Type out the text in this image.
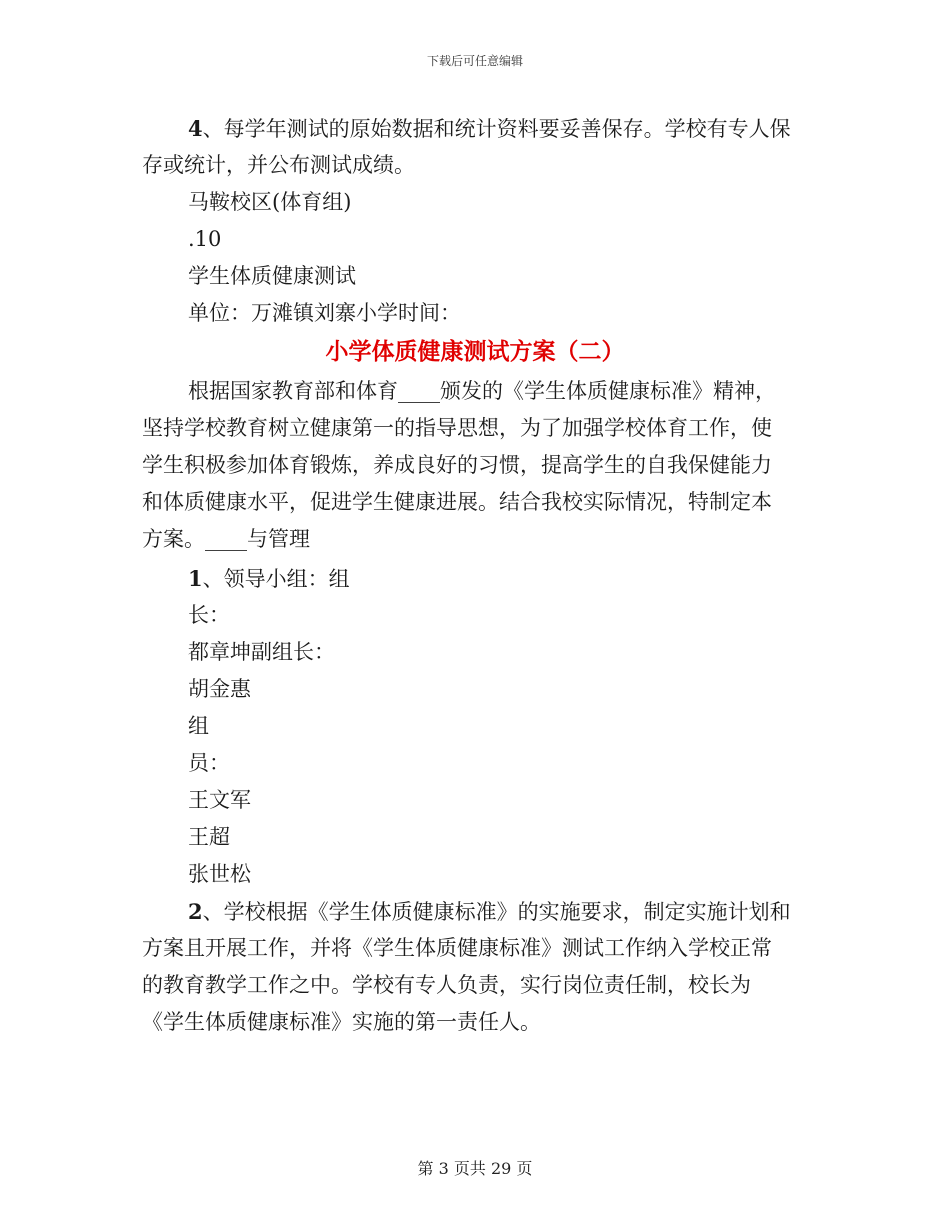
下载后可任意编辑
4、每学年测试的原始数据和统计资料要妥善保存。学校有专人保
存或统计，并公布测试成绩。
马鞍校区(体育组)
.10
学生体质健康测试
单位：万滩镇刘寨小学时间：
小学体质健康测试方案（二）
根据国家教育部和体育____颁发的《学生体质健康标准》精神，
坚持学校教育树立健康第一的指导思想，为了加强学校体育工作，使
学生积极参加体育锻炼，养成良好的习惯，提高学生的自我保健能力
和体质健康水平，促进学生健康进展。结合我校实际情况，特制定本
方案。____与管理
1、领导小组：组
长：
都章坤副组长：
胡金惠
组
员：
王文军
王超
张世松
2、学校根据《学生体质健康标准》的实施要求，制定实施计划和
方案且开展工作，并将《学生体质健康标准》测试工作纳入学校正常
的教育教学工作之中。学校有专人负责，实行岗位责任制，校长为
《学生体质健康标准》实施的第一责任人。
第 3 页共 29 页
